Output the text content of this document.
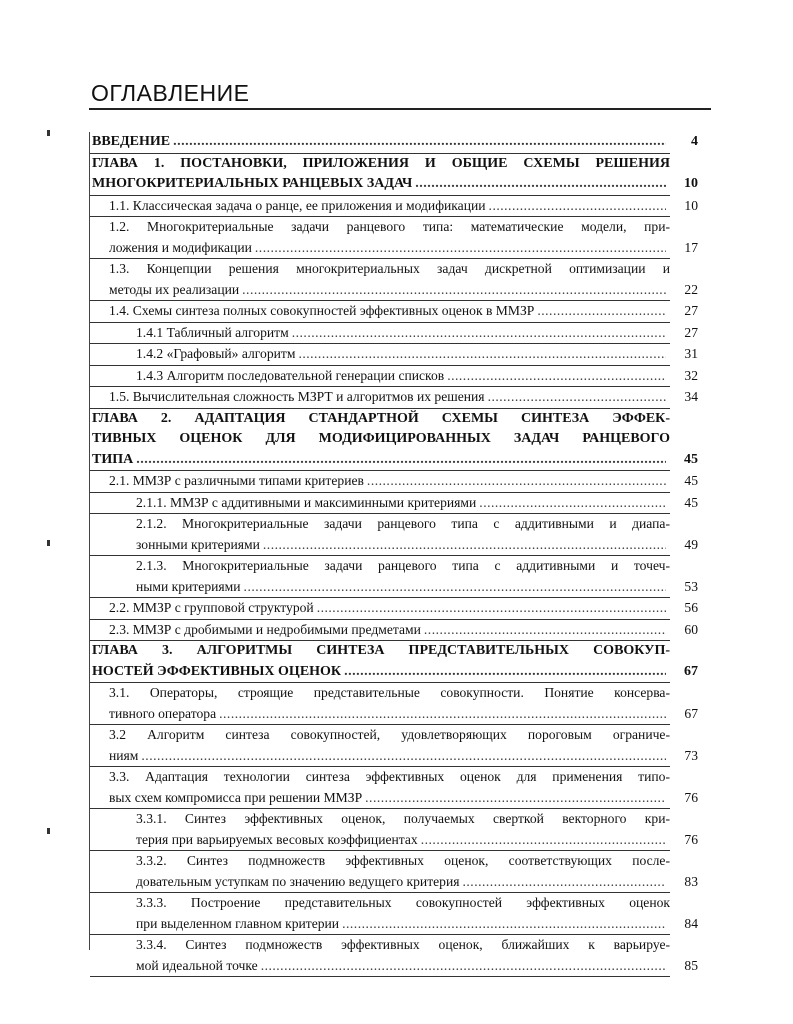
ОГЛАВЛЕНИЕ
ВВЕДЕНИЕ .....	4
ГЛАВА 1. ПОСТАНОВКИ, ПРИЛОЖЕНИЯ И ОБЩИЕ СХЕМЫ РЕШЕНИЯ
МНОГОКРИТЕРИАЛЬНЫХ РАНЦЕВЫХ ЗАДАЧ .....	10
1.1. Классическая задача о ранце, ее приложения и модификации .....	10
1.2. Многокритериальные задачи ранцевого типа: математические модели, при-
ложения и модификации .....	17
1.3. Концепции решения многокритериальных задач дискретной оптимизации и
методы их реализации .....	22
1.4. Схемы синтеза полных совокупностей эффективных оценок в ММЗР .....	27
1.4.1 Табличный алгоритм .....	27
1.4.2 «Графовый» алгоритм .....	31
1.4.3 Алгоритм последовательной генерации списков .....	32
1.5. Вычислительная сложность МЗРТ и алгоритмов их решения .....	34
ГЛАВА 2. АДАПТАЦИЯ СТАНДАРТНОЙ СХЕМЫ СИНТЕЗА ЭФФЕК-
ТИВНЫХ ОЦЕНОК ДЛЯ МОДИФИЦИРОВАННЫХ ЗАДАЧ РАНЦЕВОГО
ТИПА .....	45
2.1. ММЗР с различными типами критериев .....	45
2.1.1. ММЗР с аддитивными и максиминными критериями .....	45
2.1.2. Многокритериальные задачи ранцевого типа с аддитивными и диапа-
зонными критериями .....	49
2.1.3. Многокритериальные задачи ранцевого типа с аддитивными и точеч-
ными критериями .....	53
2.2. ММЗР с групповой структурой .....	56
2.3. ММЗР с дробимыми и недробимыми предметами .....	60
ГЛАВА 3. АЛГОРИТМЫ СИНТЕЗА ПРЕДСТАВИТЕЛЬНЫХ СОВОКУП-
НОСТЕЙ ЭФФЕКТИВНЫХ ОЦЕНОК .....	67
3.1. Операторы, строящие представительные совокупности. Понятие консерва-
тивного оператора .....	67
3.2 Алгоритм синтеза совокупностей, удовлетворяющих пороговым ограниче-
ниям .....	73
3.3. Адаптация технологии синтеза эффективных оценок для применения типо-
вых схем компромисса при решении ММЗР .....	76
3.3.1. Синтез эффективных оценок, получаемых сверткой векторного кри-
терия при варьируемых весовых коэффициентах .....	76
3.3.2. Синтез подмножеств эффективных оценок, соответствующих после-
довательным уступкам по значению ведущего критерия .....	83
3.3.3. Построение представительных совокупностей эффективных оценок
при выделенном главном критерии .....	84
3.3.4. Синтез подмножеств эффективных оценок, ближайших к варьируе-
мой идеальной точке .....	85
